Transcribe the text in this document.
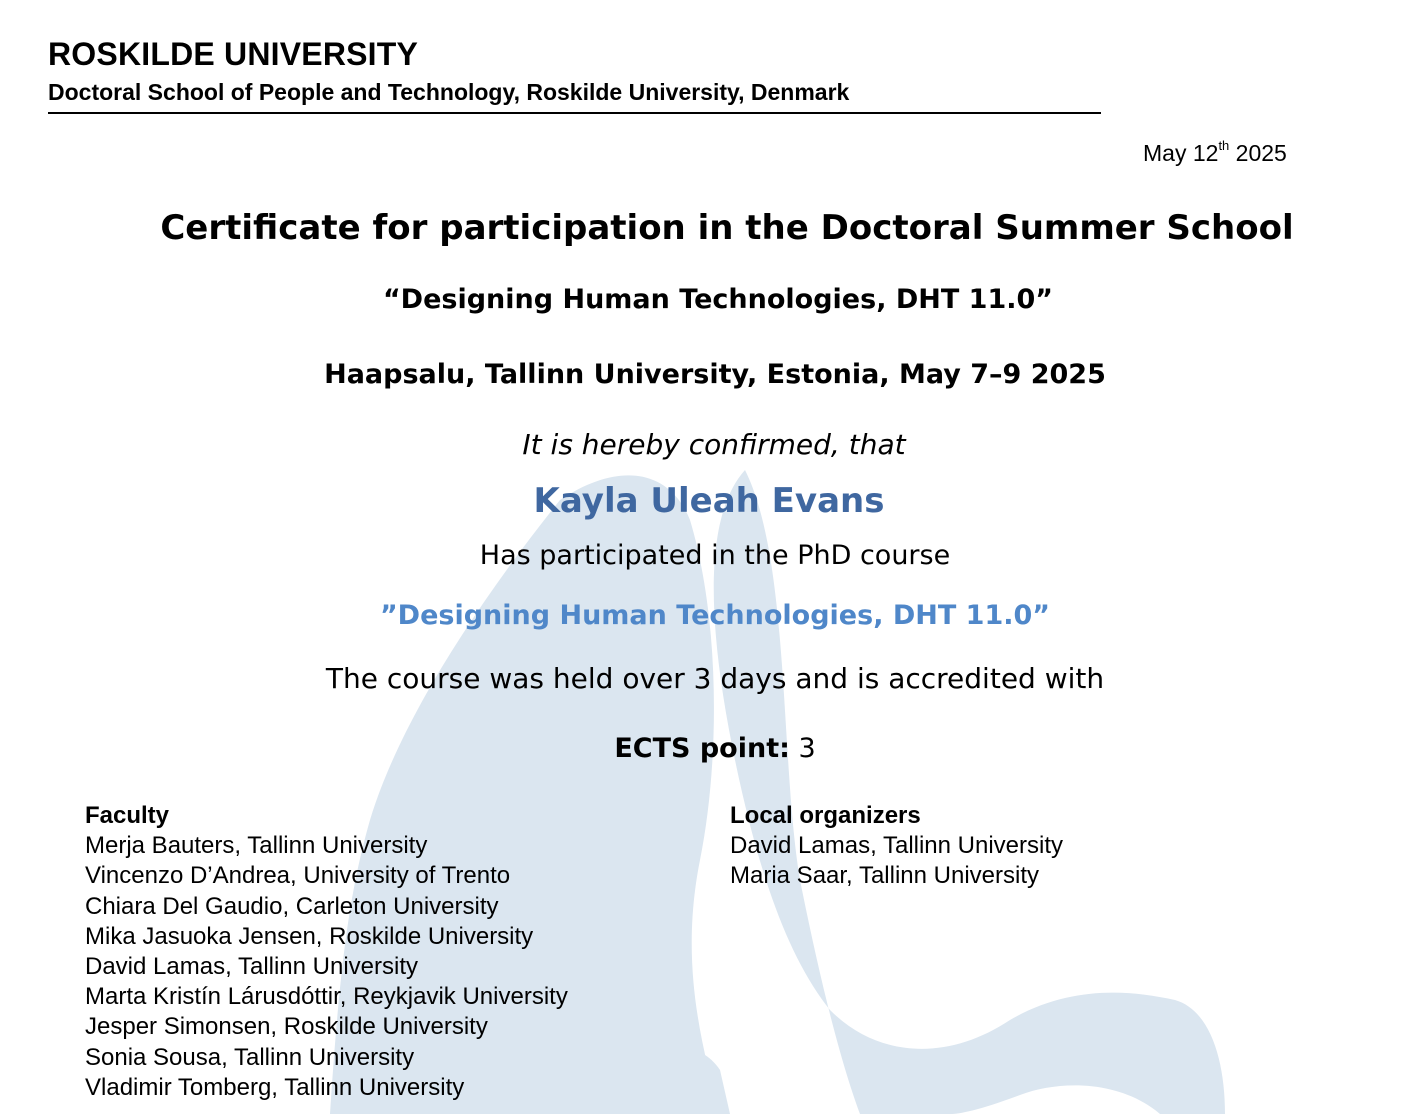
ROSKILDE UNIVERSITY
Doctoral School of People and Technology, Roskilde University, Denmark
May 12th 2025
Certificate for participation in the Doctoral Summer School
“Designing Human Technologies, DHT 11.0”
Haapsalu, Tallinn University, Estonia, May 7–9 2025
It is hereby confirmed, that
Kayla Uleah Evans
Has participated in the PhD course
”Designing Human Technologies, DHT 11.0”
The course was held over 3 days and is accredited with
ECTS point: 3
Faculty
Merja Bauters, Tallinn University
Vincenzo D’Andrea, University of Trento
Chiara Del Gaudio, Carleton University
Mika Jasuoka Jensen, Roskilde University
David Lamas, Tallinn University
Marta Kristín Lárusdóttir, Reykjavik University
Jesper Simonsen, Roskilde University
Sonia Sousa, Tallinn University
Vladimir Tomberg, Tallinn University
Local organizers
David Lamas, Tallinn University
Maria Saar, Tallinn University
